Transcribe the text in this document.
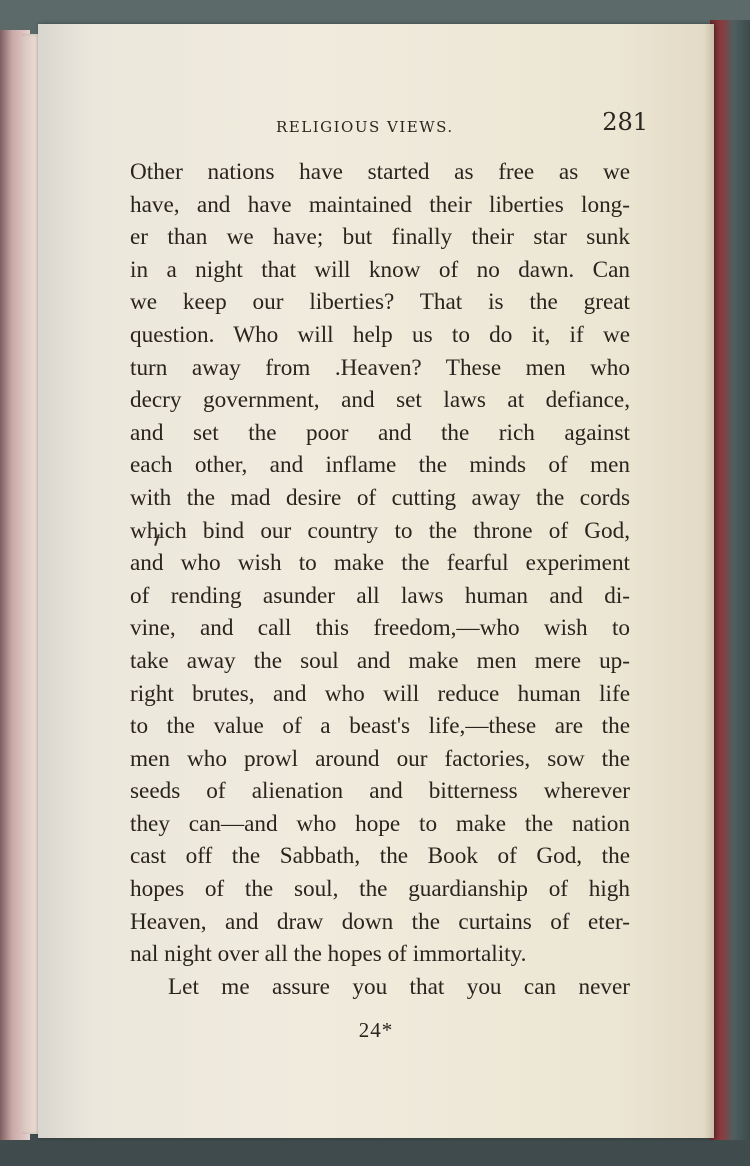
RELIGIOUS VIEWS.	281
Other nations have started as free as we
have, and have maintained their liberties long-
er than we have; but finally their star sunk
in a night that will know of no dawn. Can
we keep our liberties? That is the great
question. Who will help us to do it, if we
turn away from .Heaven? These men who
decry government, and set laws at defiance,
and set the poor and the rich against
each other, and inflame the minds of men
with the mad desire of cutting away the cords
which bind our country to the throne of God,
and who wish to make the fearful experiment
of rending asunder all laws human and di-
vine, and call this freedom,—who wish to
take away the soul and make men mere up-
right brutes, and who will reduce human life
to the value of a beast's life,—these are the
men who prowl around our factories, sow the
seeds of alienation and bitterness wherever
they can—and who hope to make the nation
cast off the Sabbath, the Book of God, the
hopes of the soul, the guardianship of high
Heaven, and draw down the curtains of eter-
nal night over all the hopes of immortality.
Let me assure you that you can never
24*
